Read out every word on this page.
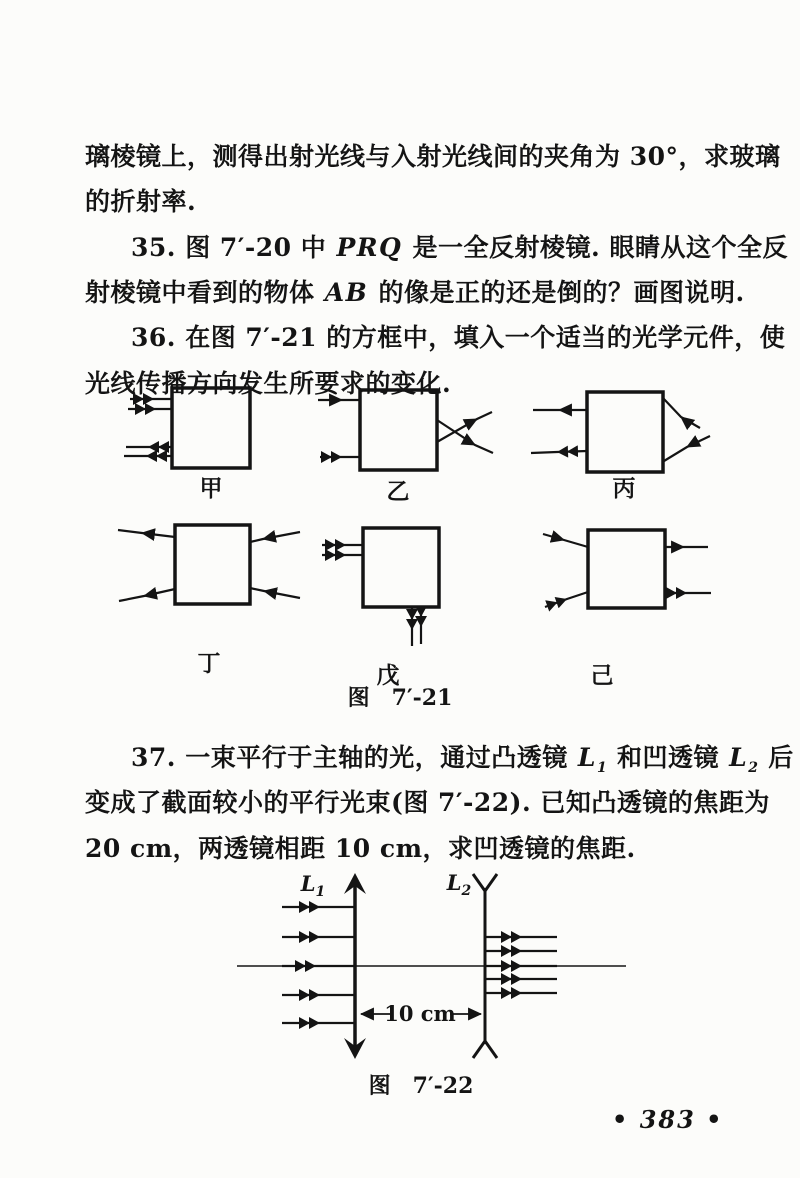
璃棱镜上，测得出射光线与入射光线间的夹角为 30°，求玻璃
的折射率.
35. 图 7′-20 中 PRQ 是一全反射棱镜. 眼睛从这个全反
射棱镜中看到的物体 AB 的像是正的还是倒的？画图说明.
36. 在图 7′-21 的方框中，填入一个适当的光学元件，使
光线传播方向发生所要求的变化.
37. 一束平行于主轴的光，通过凸透镜 $L_1$ 和凹透镜 $L_2$ 后
变成了截面较小的平行光束(图 7′-22). 已知凸透镜的焦距为
20 cm，两透镜相距 10 cm，求凹透镜的焦距.
甲	乙	丙
丁	戊	己
图　7′-21
10 cm
$L_1$	$L_2$
图　7′-22
• 383 •
